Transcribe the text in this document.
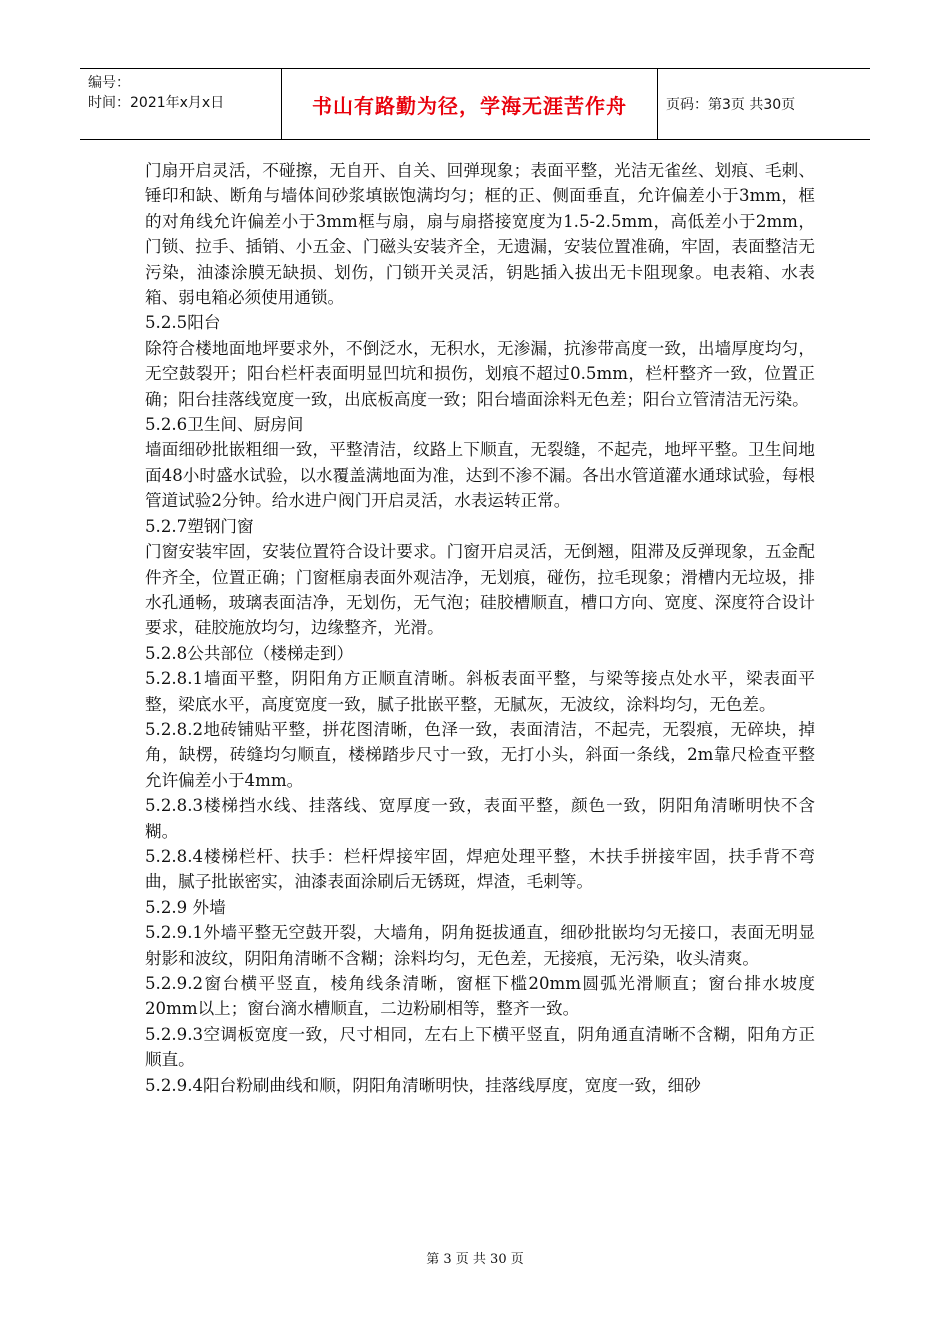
编号：
时间：2021年x月x日	书山有路勤为径，学海无涯苦作舟	页码：第3页 共30页

门扇开启灵活，不碰擦，无自开、自关、回弹现象；表面平整，光洁无雀丝、划痕、毛刺、锤印和缺、断角与墙体间砂浆填嵌饱满均匀；框的正、侧面垂直，允许偏差小于3mm，框的对角线允许偏差小于3mm框与扇，扇与扇搭接宽度为1.5-2.5mm，高低差小于2mm，门锁、拉手、插销、小五金、门磁头安装齐全，无遗漏，安装位置准确，牢固，表面整洁无污染，油漆涂膜无缺损、划伤，门锁开关灵活，钥匙插入拔出无卡阻现象。电表箱、水表箱、弱电箱必须使用通锁。

5.2.5阳台

除符合楼地面地坪要求外，不倒泛水，无积水，无渗漏，抗渗带高度一致，出墙厚度均匀，无空鼓裂开；阳台栏杆表面明显凹坑和损伤，划痕不超过0.5mm，栏杆整齐一致，位置正确；阳台挂落线宽度一致，出底板高度一致；阳台墙面涂料无色差；阳台立管清洁无污染。

5.2.6卫生间、厨房间

墙面细砂批嵌粗细一致，平整清洁，纹路上下顺直，无裂缝，不起壳，地坪平整。卫生间地面48小时盛水试验，以水覆盖满地面为准，达到不渗不漏。各出水管道灌水通球试验，每根管道试验2分钟。给水进户阀门开启灵活，水表运转正常。

5.2.7塑钢门窗

门窗安装牢固，安装位置符合设计要求。门窗开启灵活，无倒翘，阻滞及反弹现象，五金配件齐全，位置正确；门窗框扇表面外观洁净，无划痕，碰伤，拉毛现象；滑槽内无垃圾，排水孔通畅，玻璃表面洁净，无划伤，无气泡；硅胶槽顺直，槽口方向、宽度、深度符合设计要求，硅胶施放均匀，边缘整齐，光滑。

5.2.8公共部位（楼梯走到）

5.2.8.1墙面平整，阴阳角方正顺直清晰。斜板表面平整，与梁等接点处水平，梁表面平整，梁底水平，高度宽度一致，腻子批嵌平整，无腻灰，无波纹，涂料均匀，无色差。

5.2.8.2地砖铺贴平整，拼花图清晰，色泽一致，表面清洁，不起壳，无裂痕，无碎块，掉角，缺楞，砖缝均匀顺直，楼梯踏步尺寸一致，无打小头，斜面一条线，2m靠尺检查平整允许偏差小于4mm。

5.2.8.3楼梯挡水线、挂落线、宽厚度一致，表面平整，颜色一致，阴阳角清晰明快不含糊。

5.2.8.4楼梯栏杆、扶手：栏杆焊接牢固，焊疤处理平整，木扶手拼接牢固，扶手背不弯曲，腻子批嵌密实，油漆表面涂刷后无锈斑，焊渣，毛刺等。

5.2.9 外墙

5.2.9.1外墙平整无空鼓开裂，大墙角，阴角挺拔通直，细砂批嵌均匀无接口，表面无明显射影和波纹，阴阳角清晰不含糊；涂料均匀，无色差，无接痕，无污染，收头清爽。

5.2.9.2窗台横平竖直，棱角线条清晰，窗框下槛20mm圆弧光滑顺直；窗台排水坡度20mm以上；窗台滴水槽顺直，二边粉刷相等，整齐一致。

5.2.9.3空调板宽度一致，尺寸相同，左右上下横平竖直，阴角通直清晰不含糊，阳角方正顺直。

5.2.9.4阳台粉刷曲线和顺，阴阳角清晰明快，挂落线厚度，宽度一致，细砂

第 3 页 共 30 页
